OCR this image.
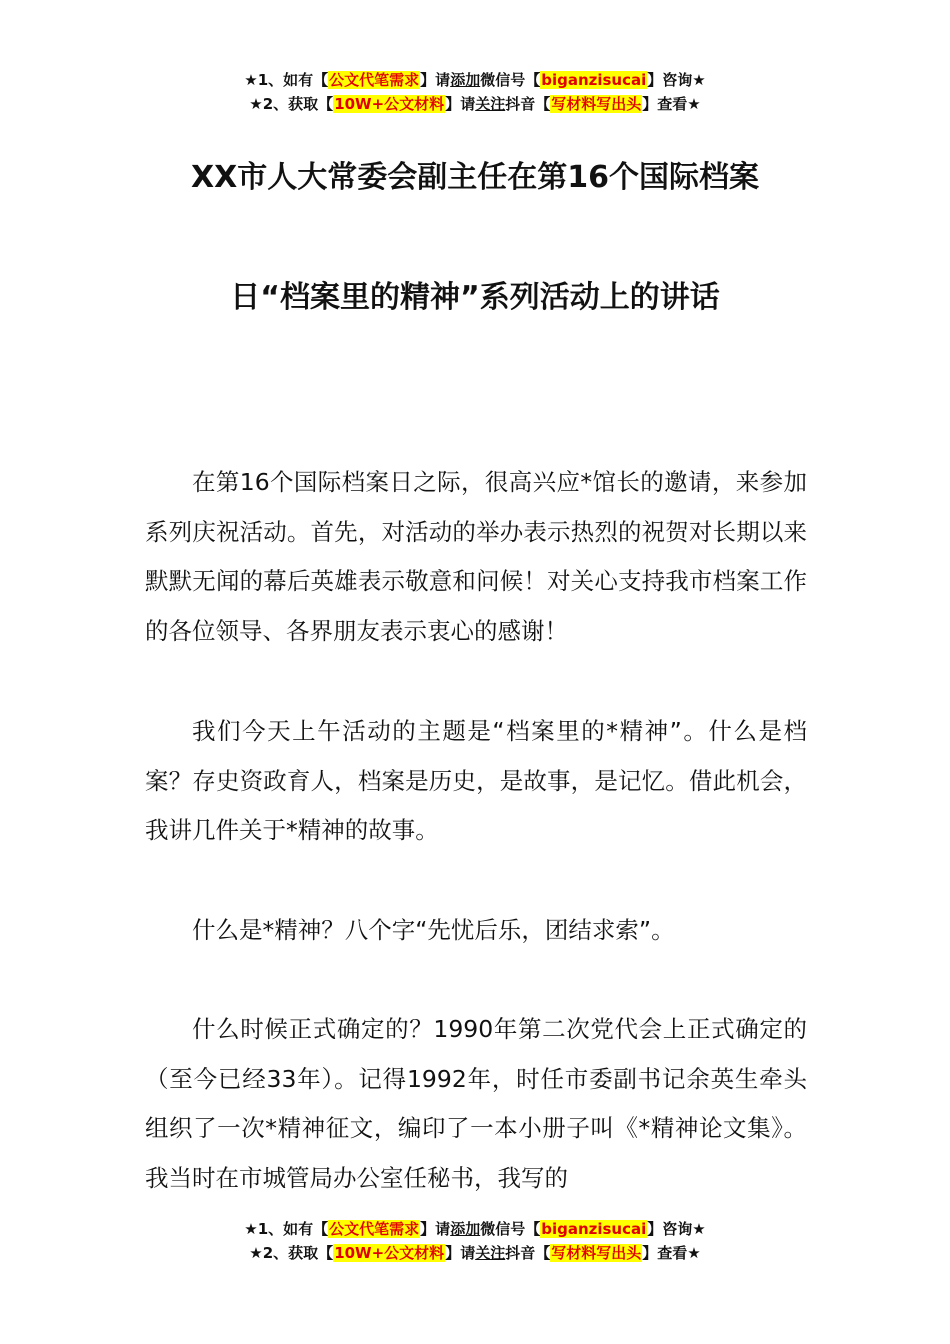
★1、如有【公文代笔需求】请添加微信号【biganzisucai】咨询★
★2、获取【10W+公文材料】请关注抖音【写材料写出头】查看★
XX市人大常委会副主任在第16个国际档案
日“档案里的精神”系列活动上的讲话

在第16个国际档案日之际，很高兴应*馆长的邀请，来参加系列庆祝活动。首先，对活动的举办表示热烈的祝贺对长期以来默默无闻的幕后英雄表示敬意和问候！对关心支持我市档案工作的各位领导、各界朋友表示衷心的感谢！

我们今天上午活动的主题是“档案里的*精神”。什么是档案？存史资政育人，档案是历史，是故事，是记忆。借此机会，我讲几件关于*精神的故事。

什么是*精神？八个字“先忧后乐，团结求索”。

什么时候正式确定的？1990年第二次党代会上正式确定的（至今已经33年）。记得1992年，时任市委副书记余英生牵头组织了一次*精神征文，编印了一本小册子叫《*精神论文集》。我当时在市城管局办公室任秘书，我写的

★1、如有【公文代笔需求】请添加微信号【biganzisucai】咨询★
★2、获取【10W+公文材料】请关注抖音【写材料写出头】查看★
